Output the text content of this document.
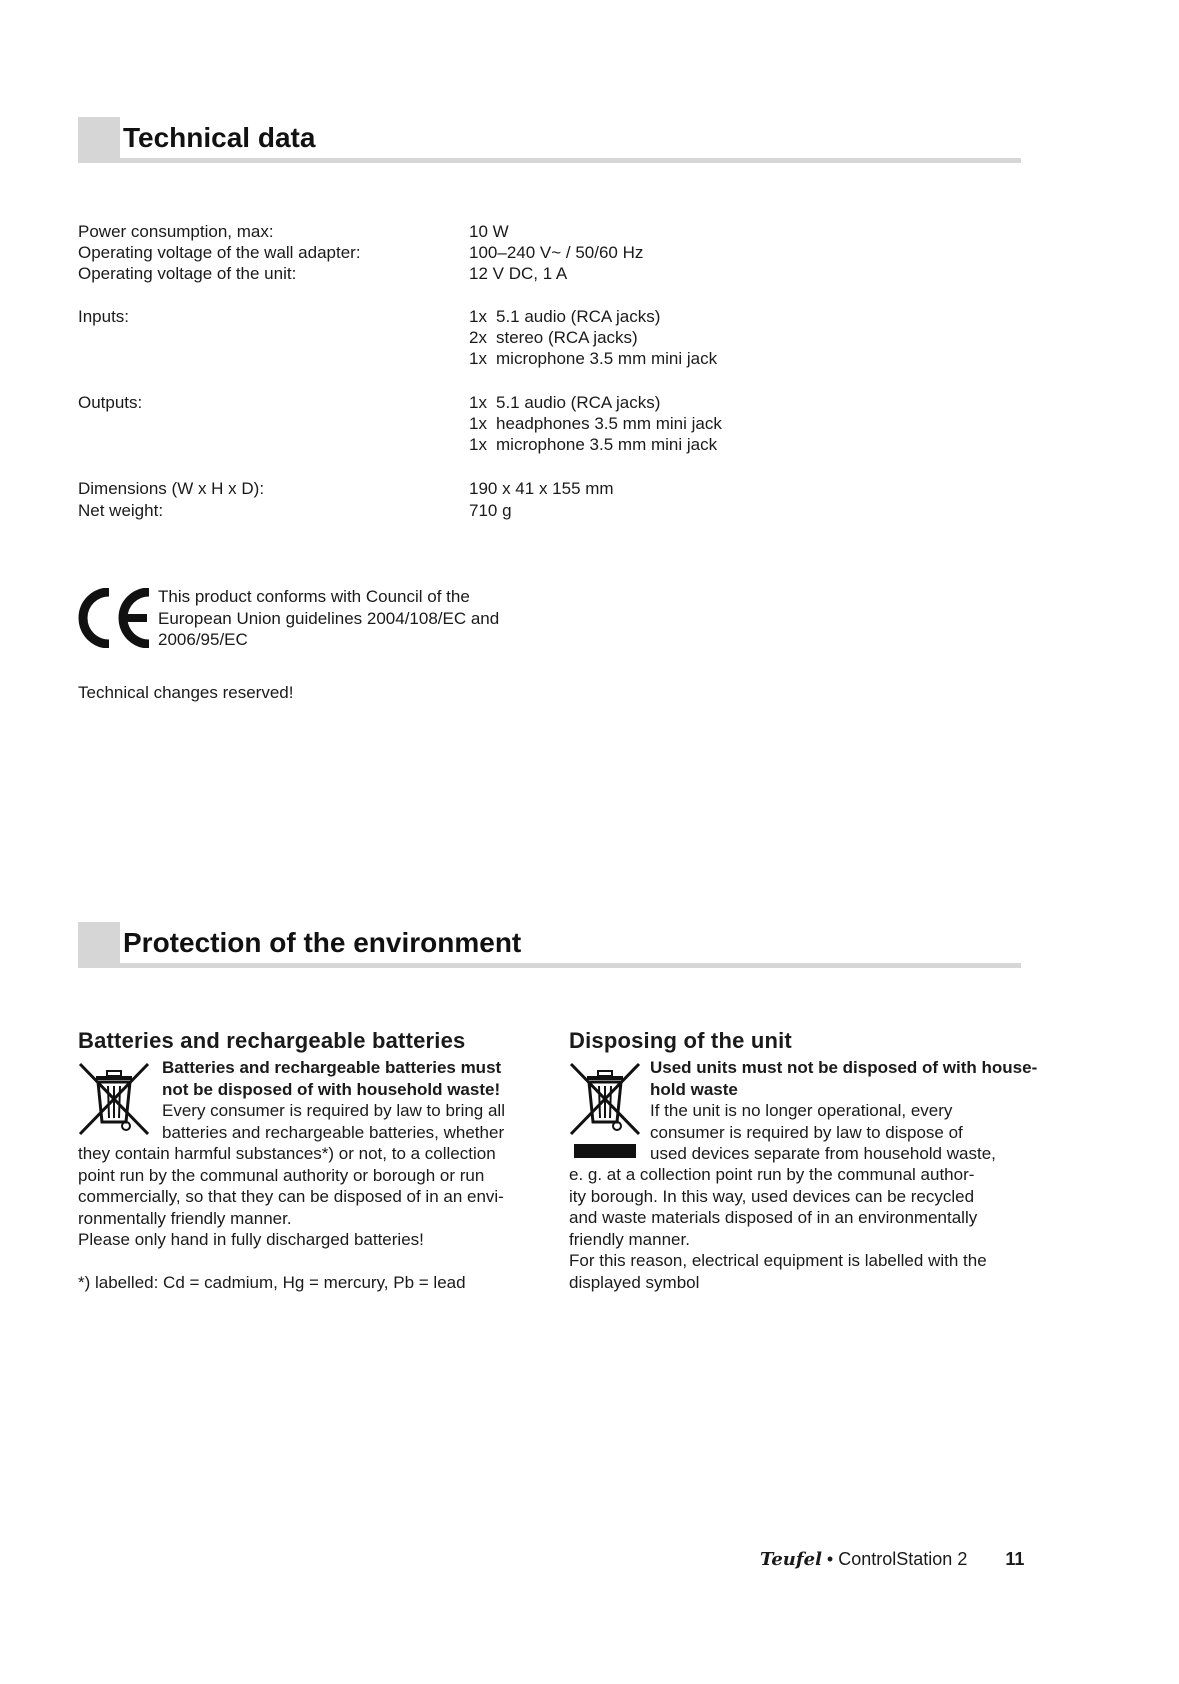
Technical data
Power consumption, max:	10 W
Operating voltage of the wall adapter:	100–240 V~ / 50/60 Hz
Operating voltage of the unit:	12 V DC, 1 A
Inputs:	1x 5.1 audio (RCA jacks)
2x stereo (RCA jacks)
1x microphone 3.5 mm mini jack
Outputs:	1x 5.1 audio (RCA jacks)
1x headphones 3.5 mm mini jack
1x microphone 3.5 mm mini jack
Dimensions (W x H x D):	190 x 41 x 155 mm
Net weight:	710 g

This product conforms with Council of the

European Union guidelines 2004/108/EC and

2006/95/EC

Technical changes reserved!
Protection of the environment
Batteries and rechargeable batteries

Batteries and rechargeable batteries must

not be disposed of with household waste!

Every consumer is required by law to bring all

batteries and rechargeable batteries, whether

they contain harmful substances*) or not, to a collection

point run by the communal authority or borough or run

commercially, so that they can be disposed of in an envi-

ronmentally friendly manner.

Please only hand in fully discharged batteries!

*) labelled: Cd = cadmium, Hg = mercury, Pb = lead
Disposing of the unit

Used units must not be disposed of with house-

hold waste

If the unit is no longer operational, every

consumer is required by law to dispose of

used devices separate from household waste,

e. g. at a collection point run by the communal author-

ity borough. In this way, used devices can be recycled

and waste materials disposed of in an environmentally

friendly manner.

For this reason, electrical equipment is labelled with the

displayed symbol

Teufel • ControlStation 2 11
